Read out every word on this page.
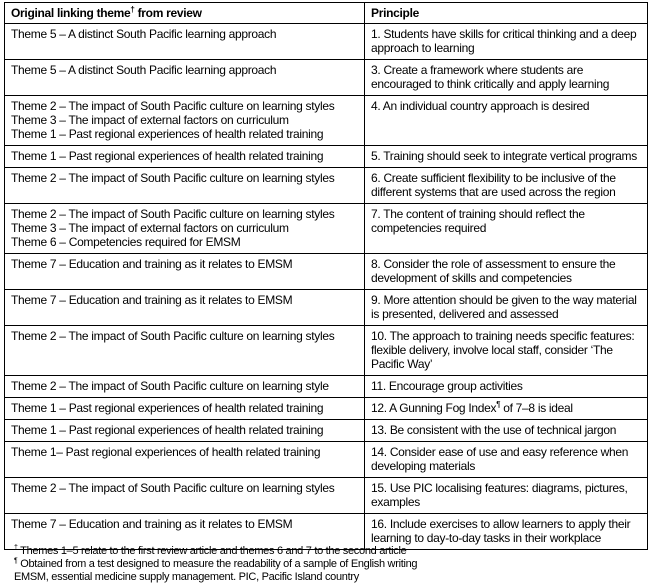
Original linking theme† from review	Principle

Theme 5 – A distinct South Pacific learning approach	1. Students have skills for critical thinking and a deep approach to learning

Theme 5 – A distinct South Pacific learning approach	3. Create a framework where students are encouraged to think critically and apply learning

Theme 2 – The impact of South Pacific culture on learning styles
Theme 3 – The impact of external factors on curriculum
Theme 1 – Past regional experiences of health related training	4. An individual country approach is desired

Theme 1 – Past regional experiences of health related training	5. Training should seek to integrate vertical programs

Theme 2 – The impact of South Pacific culture on learning styles	6. Create sufficient flexibility to be inclusive of the different systems that are used across the region

Theme 2 – The impact of South Pacific culture on learning styles
Theme 3 – The impact of external factors on curriculum
Theme 6 – Competencies required for EMSM	7. The content of training should reflect the competencies required

Theme 7 – Education and training as it relates to EMSM	8. Consider the role of assessment to ensure the development of skills and competencies

Theme 7 – Education and training as it relates to EMSM	9. More attention should be given to the way material is presented, delivered and assessed

Theme 2 – The impact of South Pacific culture on learning styles	10. The approach to training needs specific features: flexible delivery, involve local staff, consider ‘The Pacific Way’

Theme 2 – The impact of South Pacific culture on learning style	11. Encourage group activities

Theme 1 – Past regional experiences of health related training	12. A Gunning Fog Index¶ of 7–8 is ideal

Theme 1 – Past regional experiences of health related training	13. Be consistent with the use of technical jargon

Theme 1– Past regional experiences of health related training	14. Consider ease of use and easy reference when developing materials

Theme 2 – The impact of South Pacific culture on learning styles	15. Use PIC localising features: diagrams, pictures, examples

Theme 7 – Education and training as it relates to EMSM	16. Include exercises to allow learners to apply their learning to day-to-day tasks in their workplace
† Themes 1–5 relate to the first review article and themes 6 and 7 to the second article
¶ Obtained from a test designed to measure the readability of a sample of English writing
EMSM, essential medicine supply management. PIC, Pacific Island country
